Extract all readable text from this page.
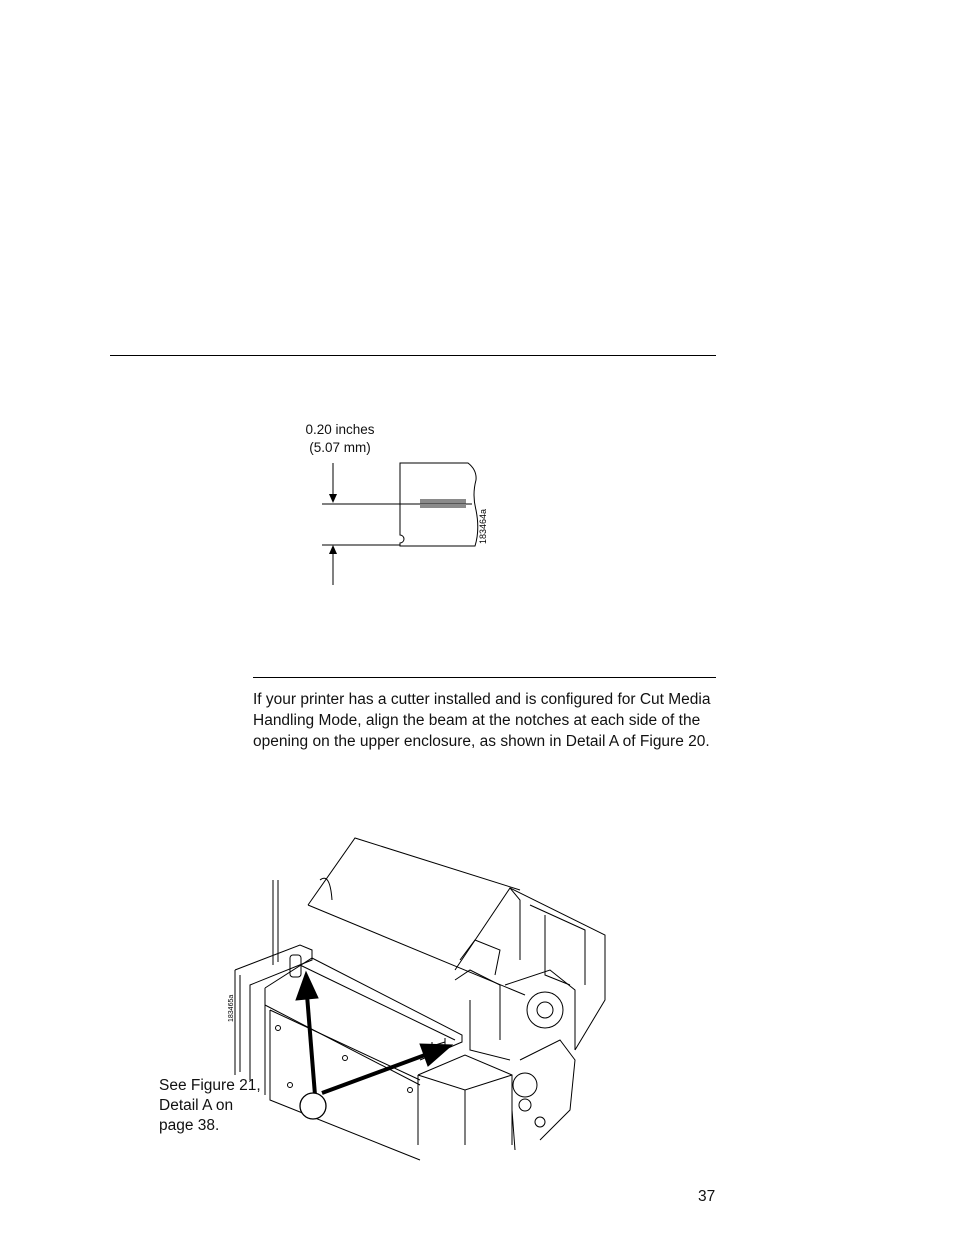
0.20 inches
(5.07 mm)
183464a
If your printer has a cutter installed and is configured for Cut Media
Handling Mode, align the beam at the notches at each side of the
opening on the upper enclosure, as shown in Detail A of Figure 20.
183465a
See Figure 21,
Detail A on
page 38.
37
